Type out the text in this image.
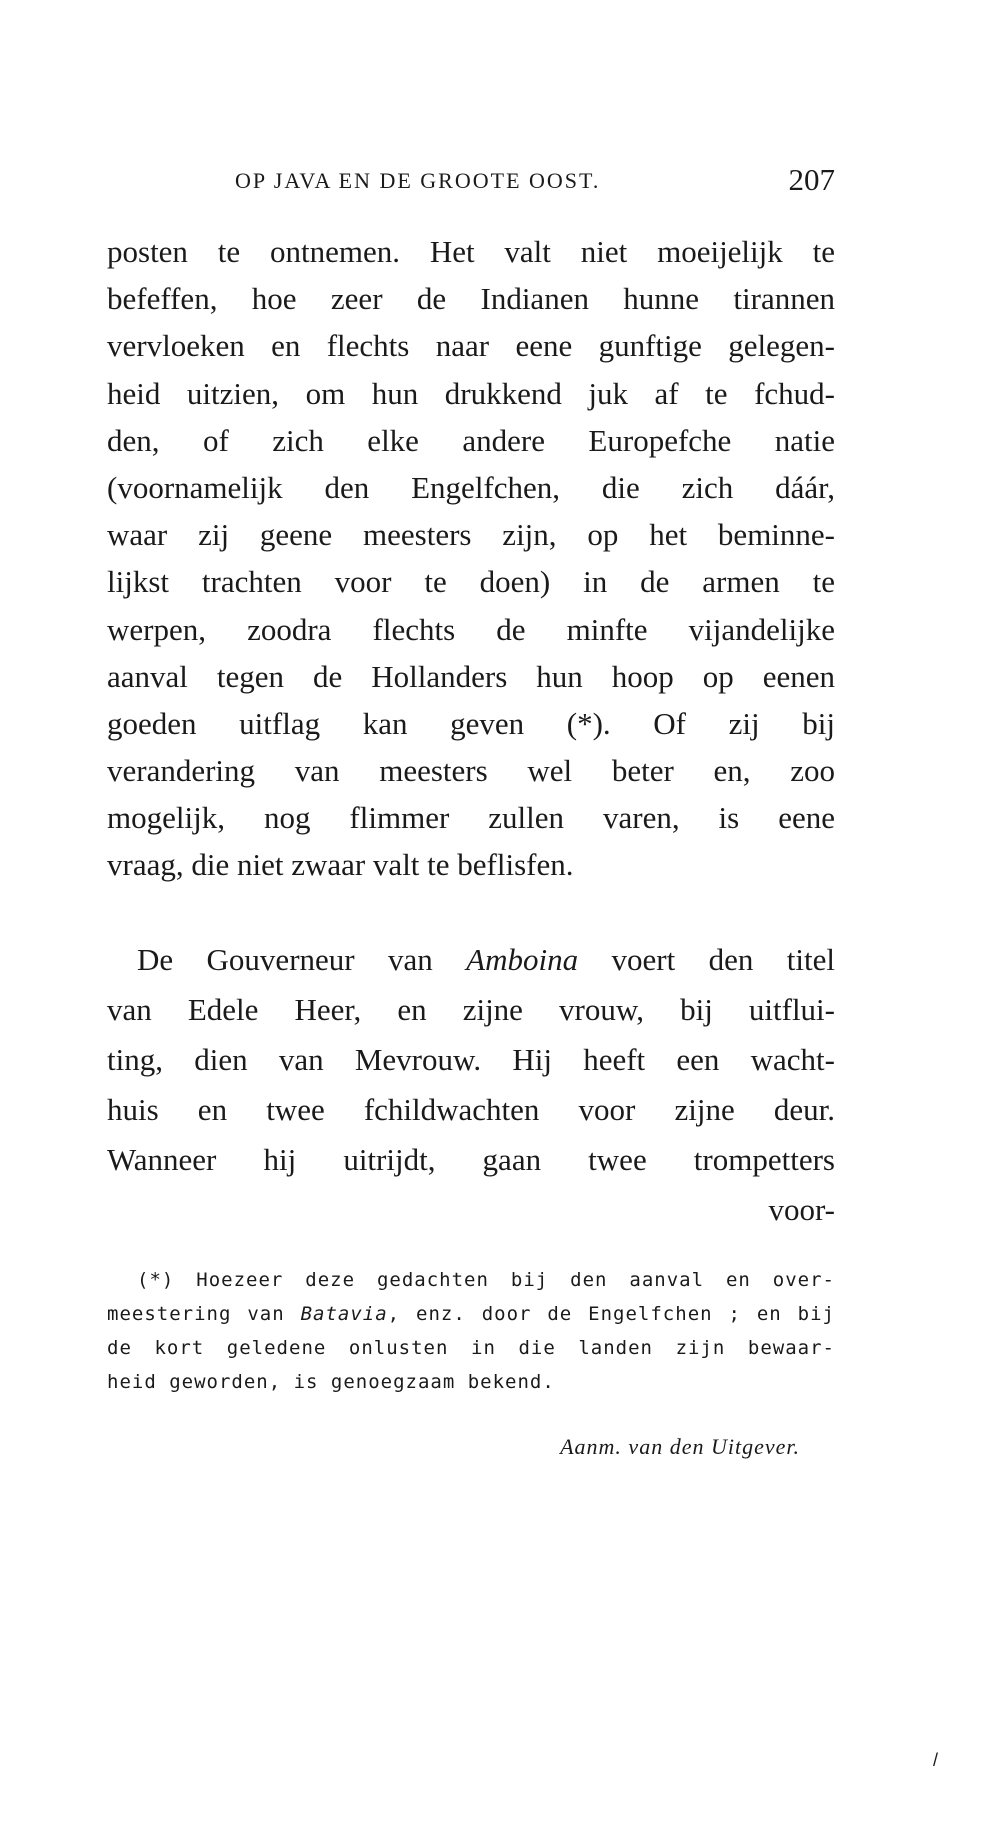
OP JAVA EN DE GROOTE OOST.	207
posten te ontnemen. Het valt niet moeijelijk te
befeffen, hoe zeer de Indianen hunne tirannen
vervloeken en flechts naar eene gunftige gelegen-
heid uitzien, om hun drukkend juk af te fchud-
den, of zich elke andere Europefche natie
(voornamelijk den Engelfchen, die zich dáár,
waar zij geene meesters zijn, op het beminne-
lijkst trachten voor te doen) in de armen te
werpen, zoodra flechts de minfte vijandelijke
aanval tegen de Hollanders hun hoop op eenen
goeden uitflag kan geven (*). Of zij bij
verandering van meesters wel beter en, zoo
mogelijk, nog flimmer zullen varen, is eene
vraag, die niet zwaar valt te beflisfen.
De Gouverneur van Amboina voert den titel
van Edele Heer, en zijne vrouw, bij uitflui-
ting, dien van Mevrouw. Hij heeft een wacht-
huis en twee fchildwachten voor zijne deur.
Wanneer hij uitrijdt, gaan twee trompetters
voor-
(*) Hoezeer deze gedachten bij den aanval en over-
meestering van Batavia, enz. door de Engelfchen ; en bij
de kort geledene onlusten in die landen zijn bewaar-
heid geworden, is genoegzaam bekend.
Aanm. van den Uitgever.
/
